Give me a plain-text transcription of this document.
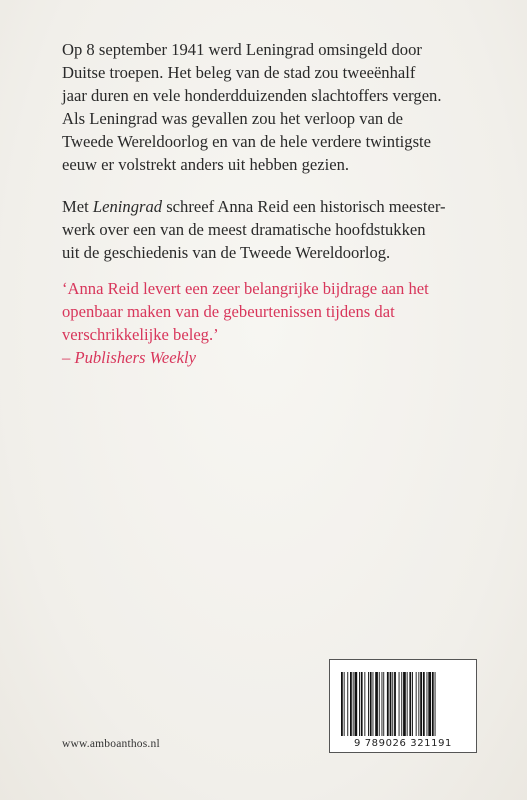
Op 8 september 1941 werd Leningrad omsingeld door
Duitse troepen. Het beleg van de stad zou tweeënhalf
jaar duren en vele honderdduizenden slachtoffers vergen.
Als Leningrad was gevallen zou het verloop van de
Tweede Wereldoorlog en van de hele verdere twintigste
eeuw er volstrekt anders uit hebben gezien.

Met Leningrad schreef Anna Reid een historisch meester-
werk over een van de meest dramatische hoofdstukken
uit de geschiedenis van de Tweede Wereldoorlog.

‘Anna Reid levert een zeer belangrijke bijdrage aan het
openbaar maken van de gebeurtenissen tijdens dat
verschrikkelijke beleg.’
– Publishers Weekly

www.amboanthos.nl	9 789026 321191
